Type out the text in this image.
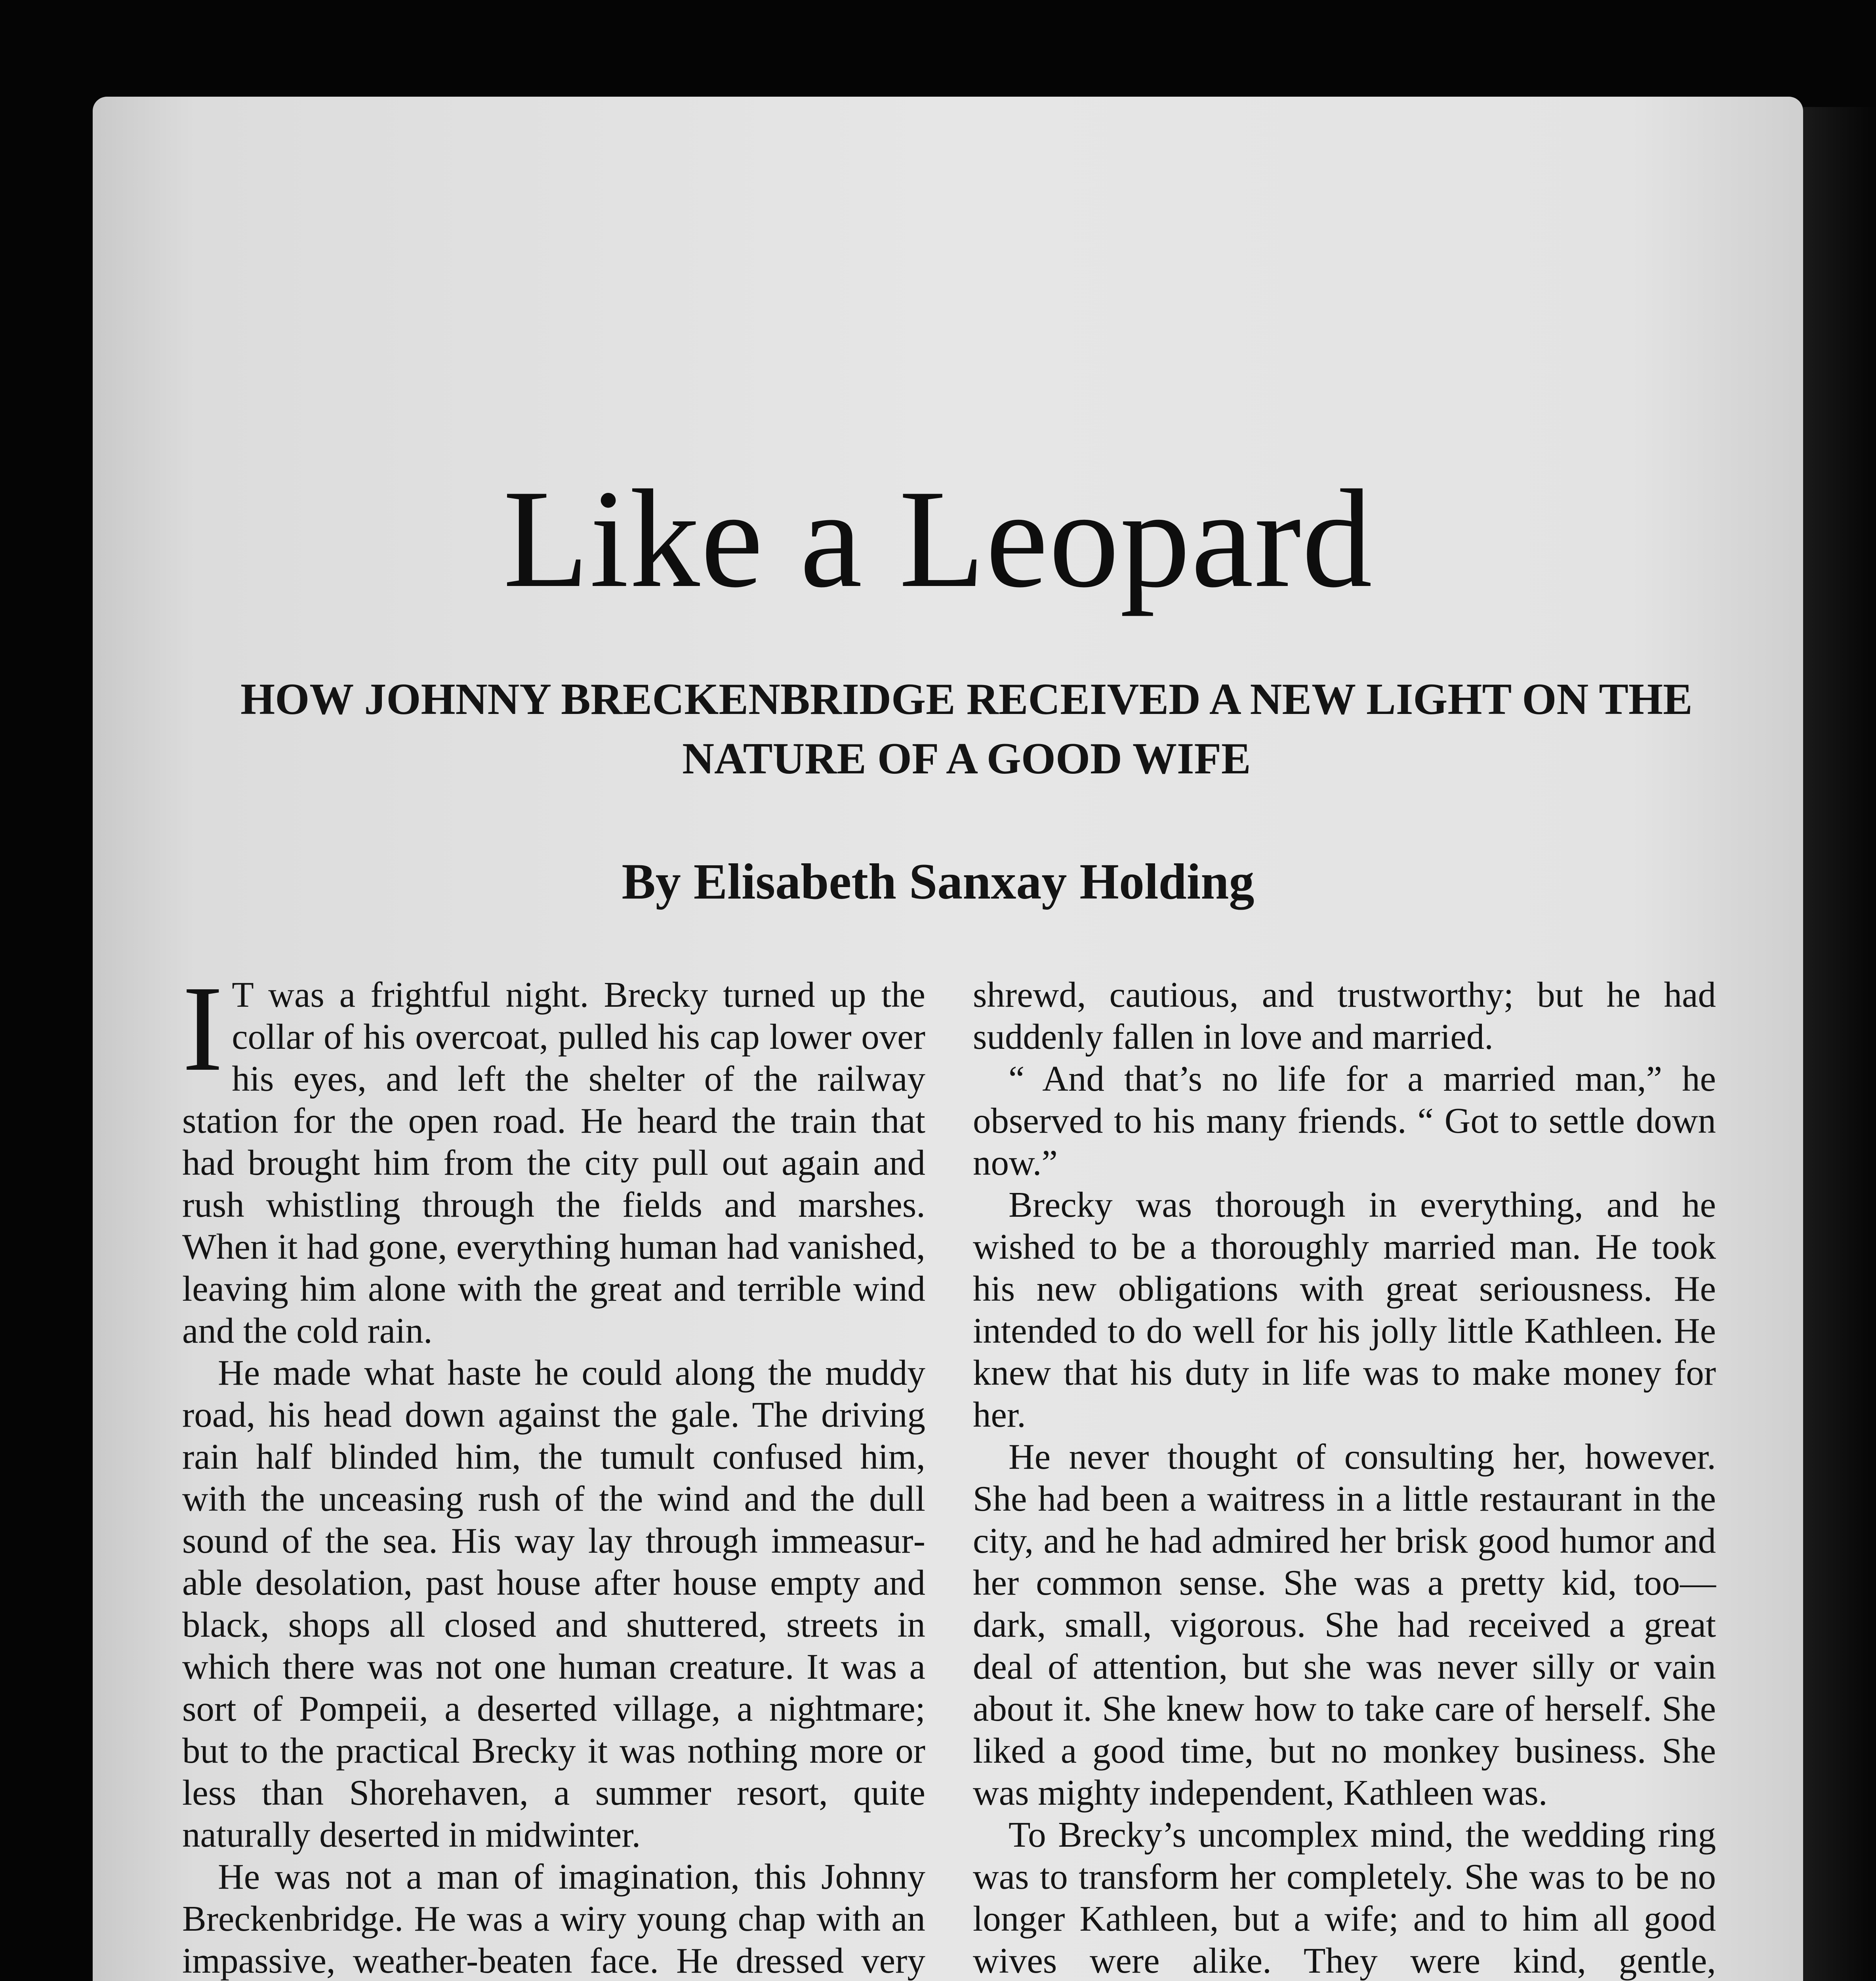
Like a Leopard
HOW JOHNNY BRECKENBRIDGE RECEIVED A NEW LIGHT ON THE NATURE OF A GOOD WIFE
By Elisabeth Sanxay Holding

I T was a frightful night. Brecky turned up the collar of his overcoat, pulled his cap lower over his eyes, and left the shelter of the railway station for the open road. He heard the train that had brought him from the city pull out again and rush whistling through the fields and marshes. When it had gone, everything human had vanished, leaving him alone with the great and terrible wind and the cold rain.

He made what haste he could along the muddy road, his head down against the gale. The driving rain half blinded him, the tumult confused him, with the unceasing rush of the wind and the dull sound of the sea. His way lay through immeasurable desolation, past house after house empty and black, shops all closed and shuttered, streets in which there was not one human creature. It was a sort of Pompeii, a deserted village, a nightmare; but to the practical Brecky it was nothing more or less than Shorehaven, a summer resort, quite naturally deserted in midwinter.

He was not a man of imagination, this Johnny Breckenbridge. He was a wiry young chap with an impassive, weather-beaten face. He dressed very

shrewd, cautious, and trustworthy; but he had suddenly fallen in love and married.

“ And that’s no life for a married man,” he observed to his many friends. “ Got to settle down now.”

Brecky was thorough in everything, and he wished to be a thoroughly married man. He took his new obligations with great seriousness. He intended to do well for his jolly little Kathleen. He knew that his duty in life was to make money for her.

He never thought of consulting her, however. She had been a waitress in a little restaurant in the city, and he had admired her brisk good humor and her common sense. She was a pretty kid, too—dark, small, vigorous. She had received a great deal of attention, but she was never silly or vain about it. She knew how to take care of herself. She liked a good time, but no monkey business. She was mighty independent, Kathleen was.

To Brecky’s uncomplex mind, the wedding ring was to transform her completely. She was to be no longer Kathleen, but a wife; and to him all good wives were alike. They were kind, gentle,
